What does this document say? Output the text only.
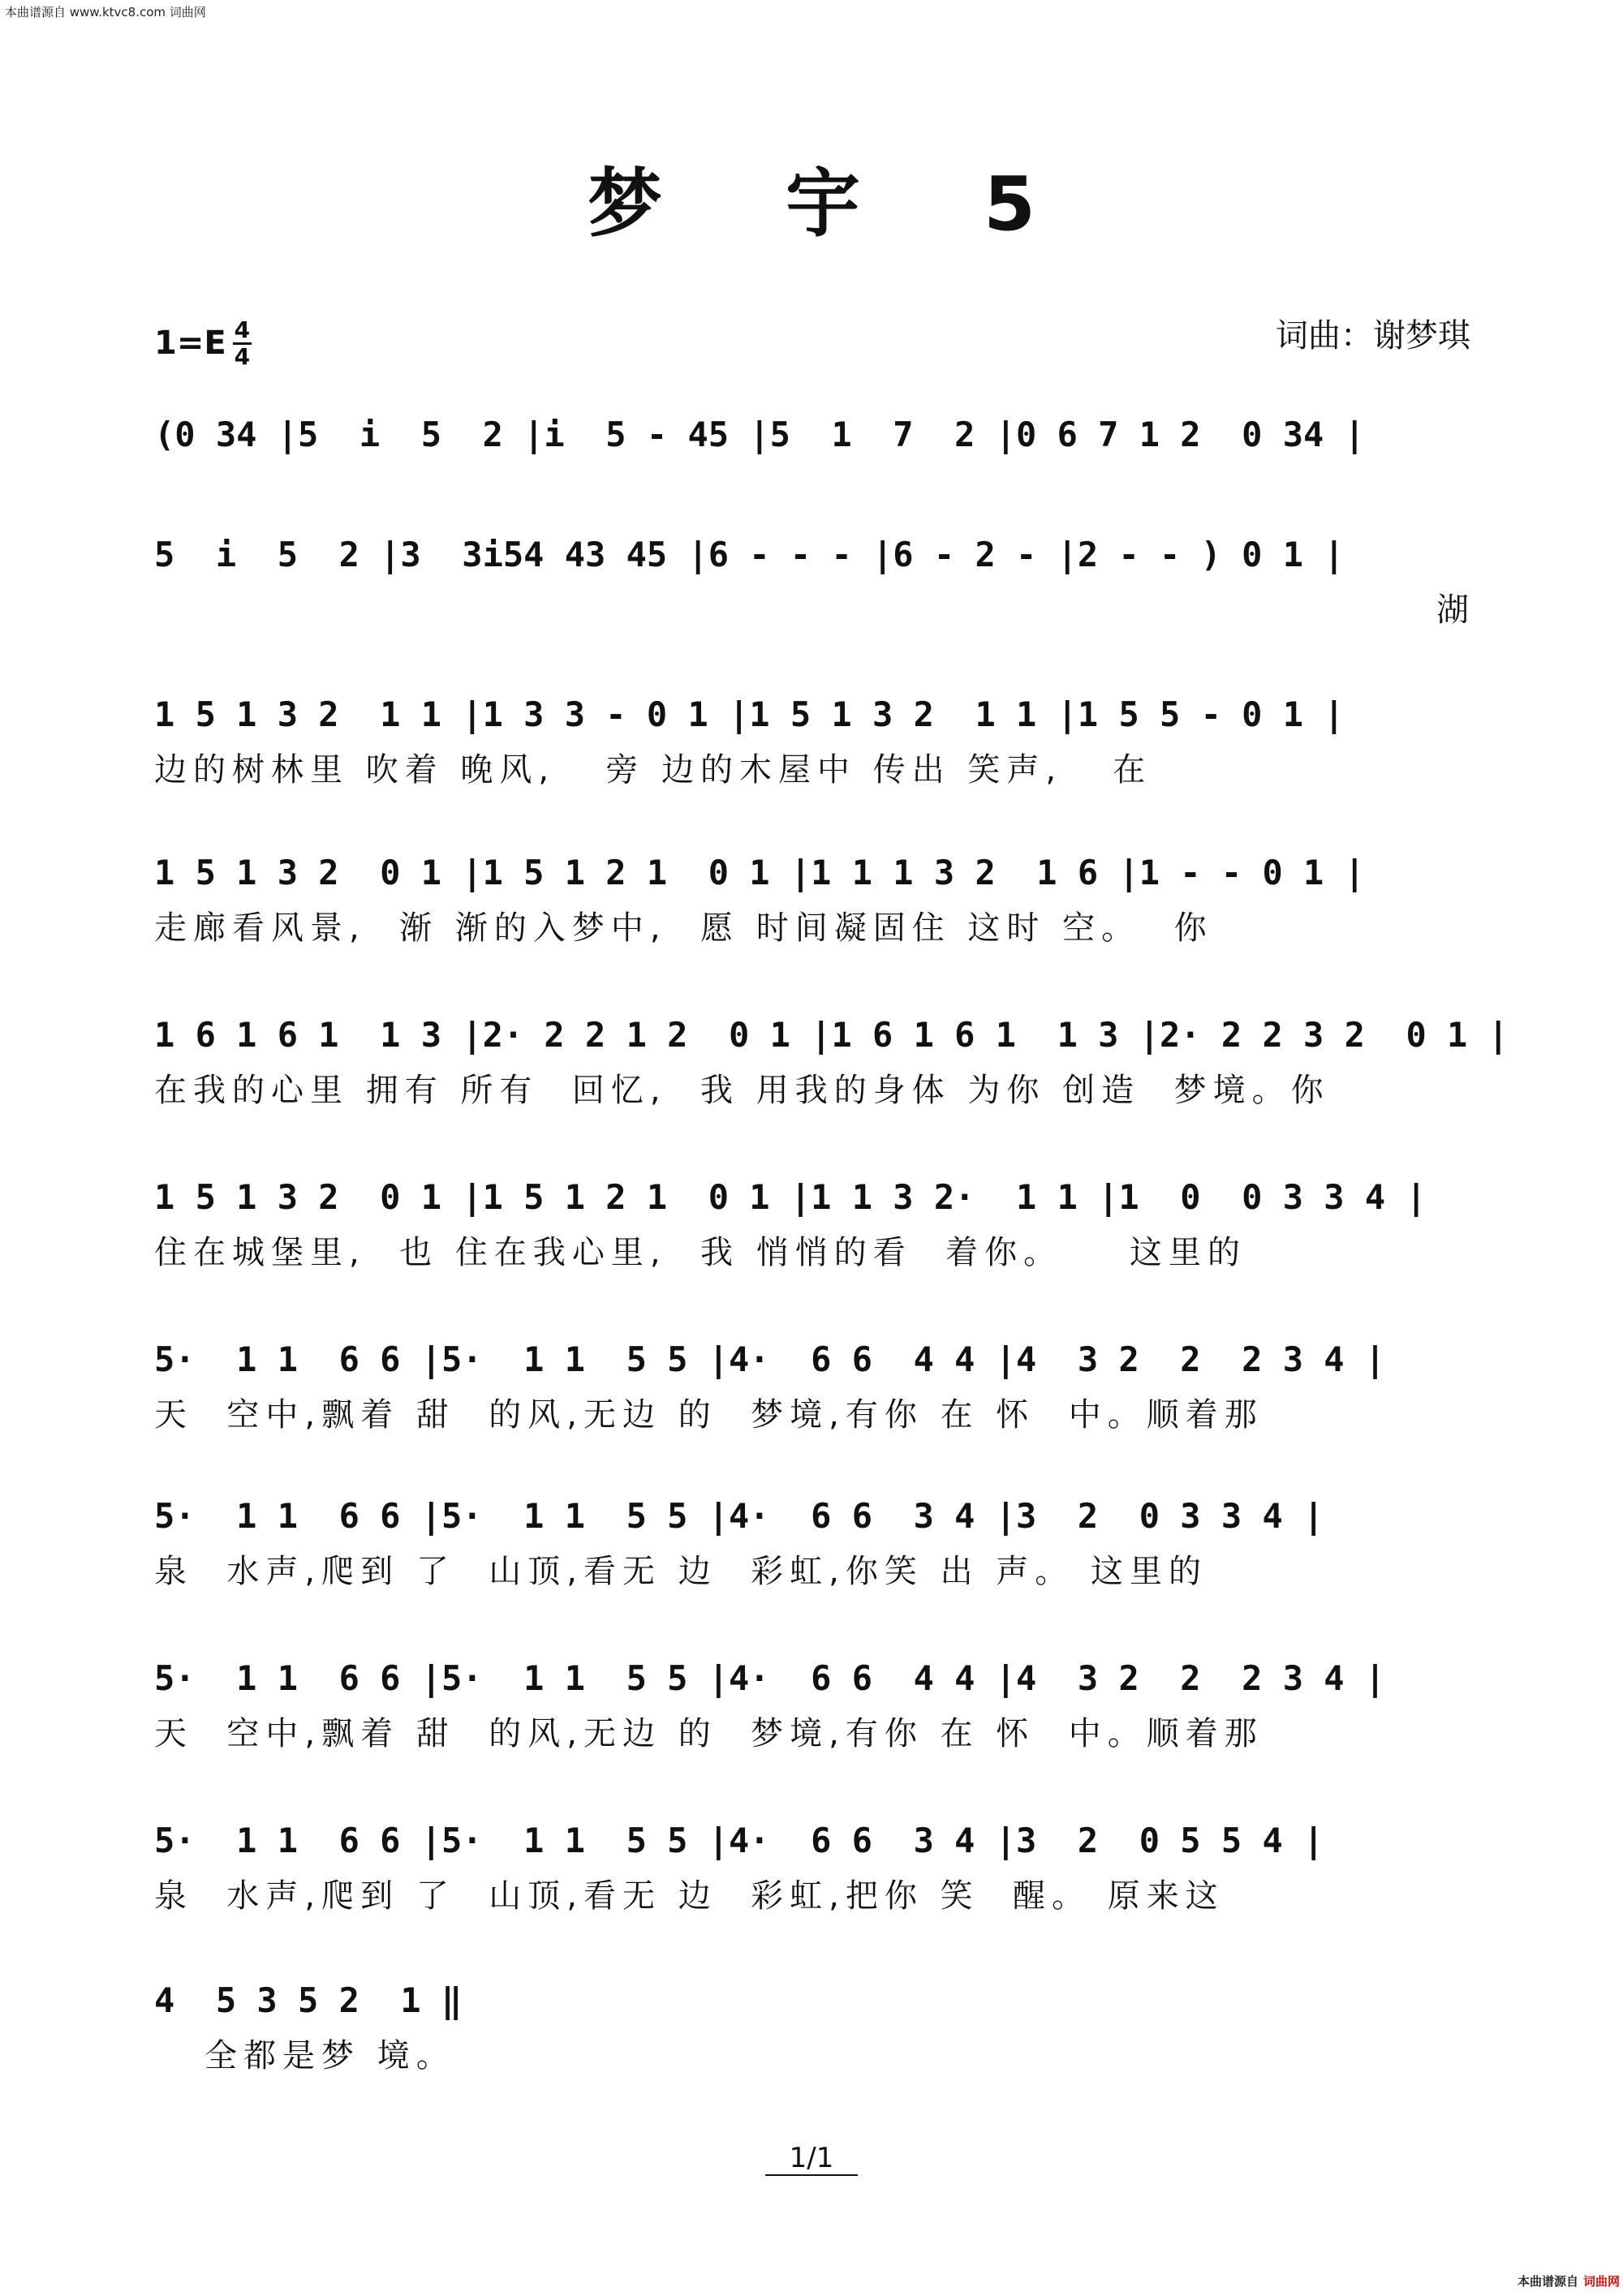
本曲谱源自 www.ktvc8.com 词曲网
梦 宇 5
1=E 4
4
词曲：谢梦琪
(0 34 |5  i  5  2 |i  5 - 45 |5  1  7  2 |0 6 7 1 2  0 34 |
5  i  5  2 |3  3i54 43 45 |6 - - - |6 - 2 - |2 - - ) 0 1 |
湖
1 5 1 3 2  1 1 |1 3 3 - 0 1 |1 5 1 3 2  1 1 |1 5 5 - 0 1 |
边的树林里 吹着 晚风,   旁 边的木屋中 传出 笑声,   在
1 5 1 3 2  0 1 |1 5 1 2 1  0 1 |1 1 1 3 2  1 6 |1 - - 0 1 |
走廊看风景,  渐 渐的入梦中,  愿 时间凝固住 这时 空。  你
1 6 1 6 1  1 3 |2· 2 2 1 2  0 1 |1 6 1 6 1  1 3 |2· 2 2 3 2  0 1 |
在我的心里 拥有 所有  回忆,  我 用我的身体 为你 创造  梦境。你
1 5 1 3 2  0 1 |1 5 1 2 1  0 1 |1 1 3 2·  1 1 |1  0  0 3 3 4 |
住在城堡里,  也 住在我心里,  我 悄悄的看  着你。    这里的
5·  1 1  6 6 |5·  1 1  5 5 |4·  6 6  4 4 |4  3 2  2  2 3 4 |
天  空中,飘着 甜  的风,无边 的  梦境,有你 在 怀  中。顺着那
5·  1 1  6 6 |5·  1 1  5 5 |4·  6 6  3 4 |3  2  0 3 3 4 |
泉  水声,爬到 了  山顶,看无 边  彩虹,你笑 出 声。 这里的
5·  1 1  6 6 |5·  1 1  5 5 |4·  6 6  4 4 |4  3 2  2  2 3 4 |
天  空中,飘着 甜  的风,无边 的  梦境,有你 在 怀  中。顺着那
5·  1 1  6 6 |5·  1 1  5 5 |4·  6 6  3 4 |3  2  0 5 5 4 |
泉  水声,爬到 了  山顶,看无 边  彩虹,把你 笑  醒。 原来这
4  5 3 5 2  1 ‖
全都是梦 境。
1/1
本曲谱源自 词曲网
